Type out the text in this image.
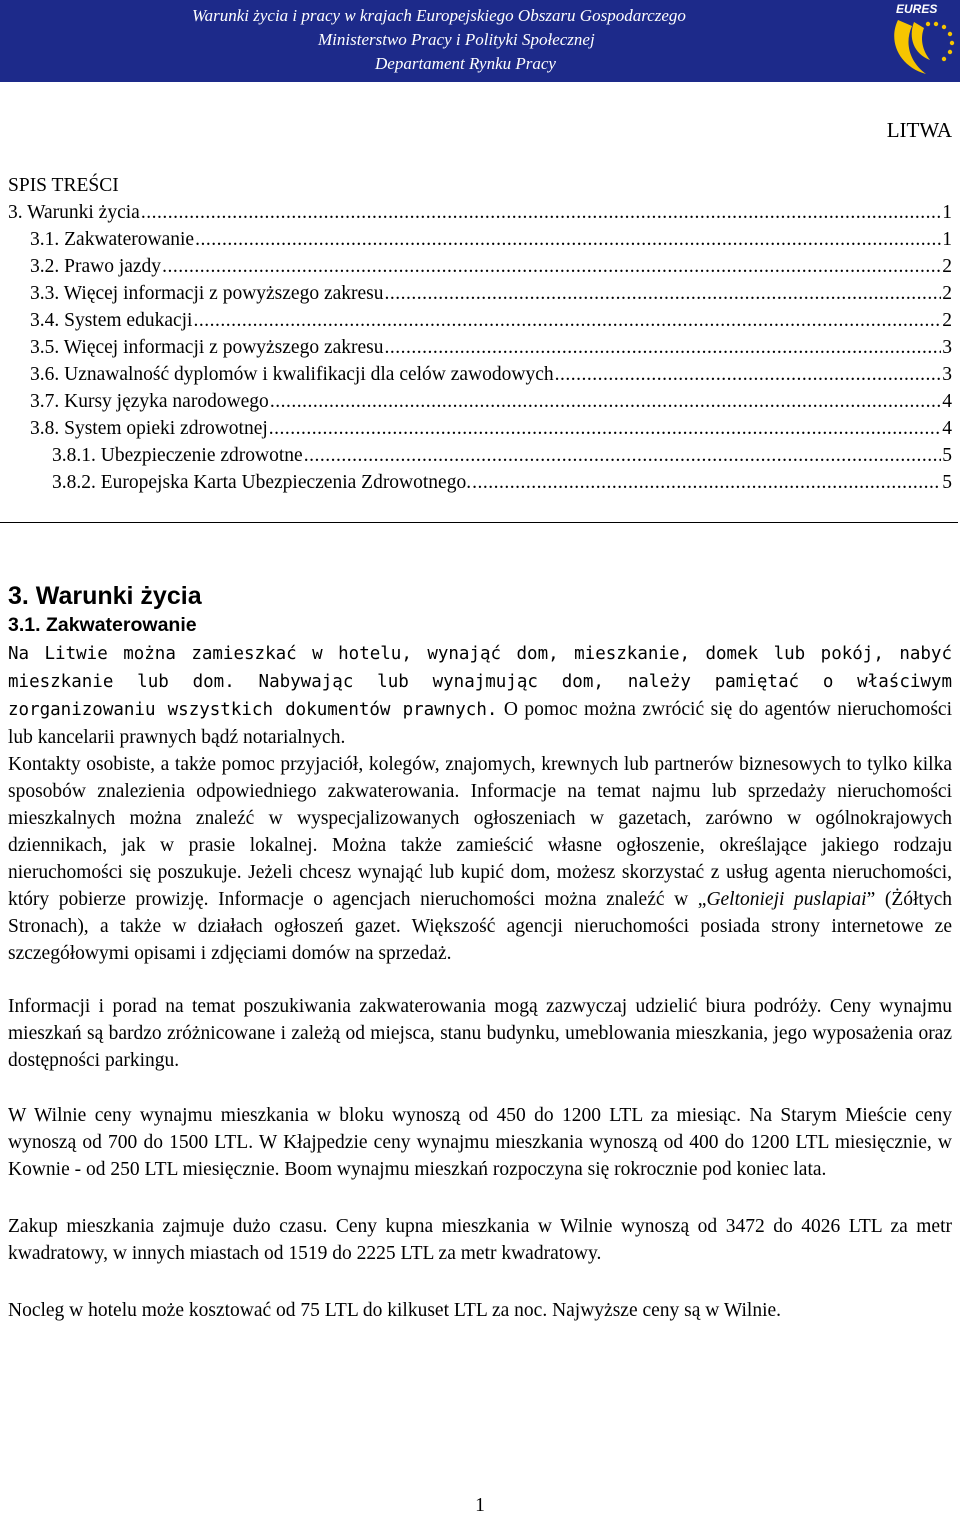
Warunki życia i pracy w krajach Europejskiego Obszaru Gospodarczego
Ministerstwo Pracy i Polityki Społecznej
Departament Rynku Pracy
EURES
LITWA
SPIS TREŚCI
3. Warunki życia .....	1
3.1. Zakwaterowanie .....	1
3.2. Prawo jazdy .....	2
3.3. Więcej informacji z powyższego zakresu .....	2
3.4. System edukacji .....	2
3.5. Więcej informacji z powyższego zakresu .....	3
3.6. Uznawalność dyplomów i kwalifikacji dla celów zawodowych .....	3
3.7. Kursy języka narodowego .....	4
3.8. System opieki zdrowotnej .....	4
3.8.1. Ubezpieczenie zdrowotne .....	5
3.8.2. Europejska Karta Ubezpieczenia Zdrowotnego. .....	5
3. Warunki życia
3.1. Zakwaterowanie

Na Litwie można zamieszkać w hotelu, wynająć dom, mieszkanie, domek lub pokój, nabyć mieszkanie lub dom. Nabywając lub wynajmując dom, należy pamiętać o właściwym zorganizowaniu wszystkich dokumentów prawnych. O pomoc można zwrócić się do agentów nieruchomości lub kancelarii prawnych bądź notarialnych.

Kontakty osobiste, a także pomoc przyjaciół, kolegów, znajomych, krewnych lub partnerów biznesowych to tylko kilka sposobów znalezienia odpowiedniego zakwaterowania. Informacje na temat najmu lub sprzedaży nieruchomości mieszkalnych można znaleźć w wyspecjalizowanych ogłoszeniach w gazetach, zarówno w ogólnokrajowych dziennikach, jak w prasie lokalnej. Można także zamieścić własne ogłoszenie, określające jakiego rodzaju nieruchomości się poszukuje. Jeżeli chcesz wynająć lub kupić dom, możesz skorzystać z usług agenta nieruchomości, który pobierze prowizję. Informacje o agencjach nieruchomości można znaleźć w „Geltonieji puslapiai” (Żółtych Stronach), a także w działach ogłoszeń gazet. Większość agencji nieruchomości posiada strony internetowe ze szczegółowymi opisami i zdjęciami domów na sprzedaż.

Informacji i porad na temat poszukiwania zakwaterowania mogą zazwyczaj udzielić biura podróży. Ceny wynajmu mieszkań są bardzo zróżnicowane i zależą od miejsca, stanu budynku, umeblowania mieszkania, jego wyposażenia oraz dostępności parkingu.

W Wilnie ceny wynajmu mieszkania w bloku wynoszą od 450 do 1200 LTL za miesiąc. Na Starym Mieście ceny wynoszą od 700 do 1500 LTL. W Kłajpedzie ceny wynajmu mieszkania wynoszą od 400 do 1200 LTL miesięcznie, w Kownie - od 250 LTL miesięcznie. Boom wynajmu mieszkań rozpoczyna się rokrocznie pod koniec lata.

Zakup mieszkania zajmuje dużo czasu. Ceny kupna mieszkania w Wilnie wynoszą od 3472 do 4026 LTL za metr kwadratowy, w innych miastach od 1519 do 2225 LTL za metr kwadratowy.

Nocleg w hotelu może kosztować od 75 LTL do kilkuset LTL za noc. Najwyższe ceny są w Wilnie.

1
